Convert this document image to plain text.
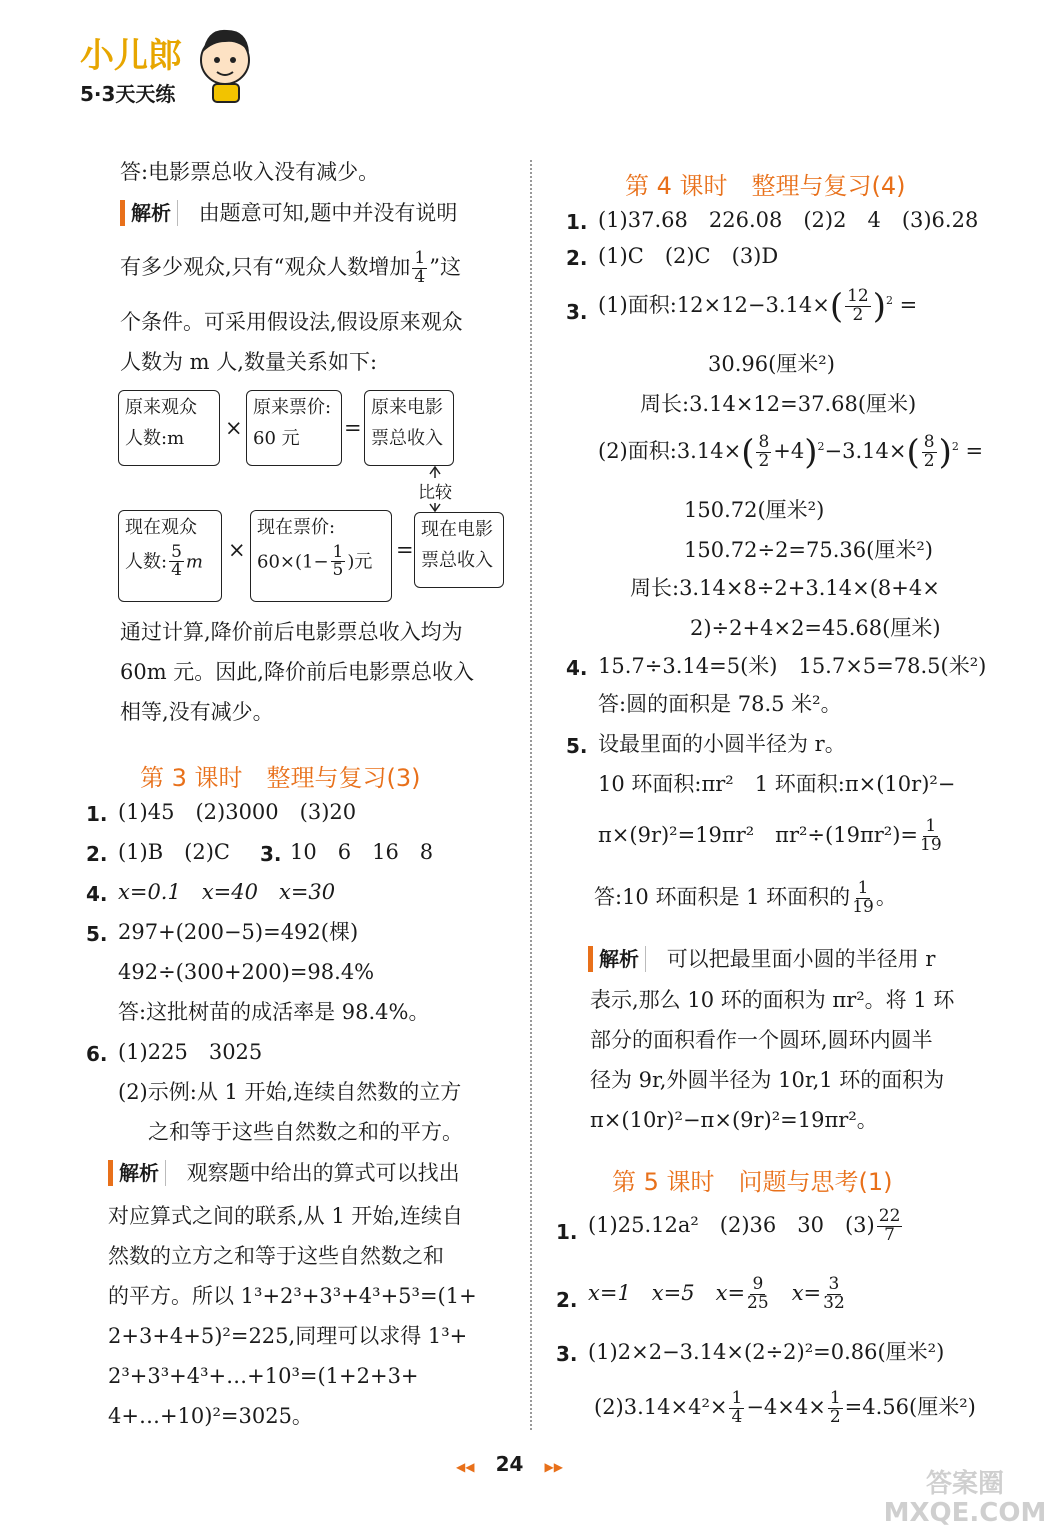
小儿郎
5·3天天练
答:电影票总收入没有减少。
解析 由题意可知,题中并没有说明
有多少观众,只有“观众人数增加 $\frac{1}{4}$ ”这
个条件。可采用假设法,假设原来观众
人数为 m 人,数量关系如下:
原来观众
人数:m	×
原来票价:
60 元	=
原来电影
票总收入
比较
现在观众
人数: $\frac{5}{4}$ m	×
现在票价:
$60\times(1- \frac{1}{5}$ )元	=
现在电影
票总收入
通过计算,降价前后电影票总收入均为
60m 元。因此,降价前后电影票总收入
相等,没有减少。
第 3 课时　整理与复习(3)
1. (1)45　(2)3000　(3)20
2. (1)B　(2)C 3. 10　6　16　8
4. x=0.1　x=40　x=30
5. 297+(200−5)=492(棵)
492÷(300+200)=98.4%
答:这批树苗的成活率是 98.4%。
6. (1)225　3025
(2)示例:从 1 开始,连续自然数的立方
之和等于这些自然数之和的平方。
解析 观察题中给出的算式可以找出
对应算式之间的联系,从 1 开始,连续自
然数的立方之和等于这些自然数之和
的平方。所以 1³+2³+3³+4³+5³=(1+
2+3+4+5)²=225,同理可以求得 1³+
2³+3³+4³+…+10³=(1+2+3+
4+…+10)²=3025。
第 4 课时　整理与复习(4)
1. (1)37.68　226.08　(2)2　4　(3)6.28
2. (1)C　(2)C　(3)D
3. (1)面积:12×12−3.14×( $\frac{12}{2} )^2$ =
30.96(厘米²)
周长:3.14×12=37.68(厘米)
(2)面积:3.14×( $\frac{8}{2} +4)^2-3.14\times( \frac{8}{2} )^2$ =
150.72(厘米²)
150.72÷2=75.36(厘米²)
周长:3.14×8÷2+3.14×(8+4×
2)÷2+4×2=45.68(厘米)
4. 15.7÷3.14=5(米)　15.7×5=78.5(米²)
答:圆的面积是 78.5 米²。
5. 设最里面的小圆半径为 r。
10 环面积:πr²　1 环面积:π×(10r)²−
π×(9r)²=19πr²　$\pi r^2\div(19\pi r^2)= \frac{1}{19}$
答:10 环面积是 1 环面积的 $\frac{1}{19}$ 。
解析 可以把最里面小圆的半径用 r
表示,那么 10 环的面积为 πr²。将 1 环
部分的面积看作一个圆环,圆环内圆半
径为 9r,外圆半径为 10r,1 环的面积为
π×(10r)²−π×(9r)²=19πr²。
第 5 课时　问题与思考(1)
1. (1)25.12a²　(2)36　30　$(3) \frac{22}{7}$
2. x=1　x=5　$x= \frac{9}{25}$
　 $x= \frac{3}{32}$
3. (1)2×2−3.14×(2÷2)²=0.86(厘米²)
$(2)3.14\times 4^2\times \frac{1}{4} -4\times 4\times \frac{1}{2} =4.56$(厘米²)
◀◀ 24 ▶▶
答案圈 MXQE.COM
